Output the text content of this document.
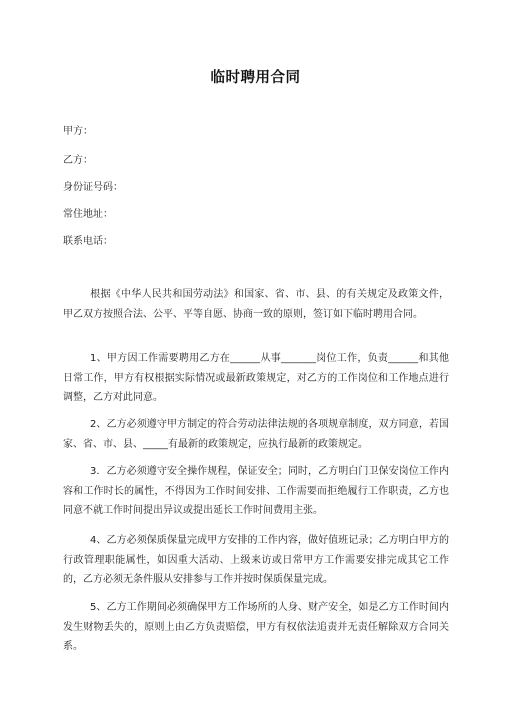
临时聘用合同
甲方：
乙方：
身份证号码：
常住地址：
联系电话：

根据《中华人民共和国劳动法》和国家、省、市、县、的有关规定及政策文件，甲乙双方按照合法、公平、平等自愿、协商一致的原则，签订如下临时聘用合同。

1、甲方因工作需要聘用乙方在______从事_______岗位工作，负责______和其他日常工作，甲方有权根据实际情况或最新政策规定，对乙方的工作岗位和工作地点进行调整，乙方对此同意。

2、乙方必须遵守甲方制定的符合劳动法律法规的各项规章制度，双方同意，若国家、省、市、县、_____有最新的政策规定，应执行最新的政策规定。

3．乙方必须遵守安全操作规程，保证安全；同时，乙方明白门卫保安岗位工作内容和工作时长的属性，不得因为工作时间安排、工作需要而拒绝履行工作职责，乙方也同意不就工作时间提出异议或提出延长工作时间费用主张。

4、乙方必须保质保量完成甲方安排的工作内容，做好值班记录；乙方明白甲方的行政管理职能属性，如因重大活动、上级来访或日常甲方工作需要安排完成其它工作的，乙方必须无条件服从安排参与工作并按时保质保量完成。

5、乙方工作期间必须确保甲方工作场所的人身、财产安全，如是乙方工作时间内发生财物丢失的，原则上由乙方负责赔偿，甲方有权依法追责并无责任解除双方合同关系。
